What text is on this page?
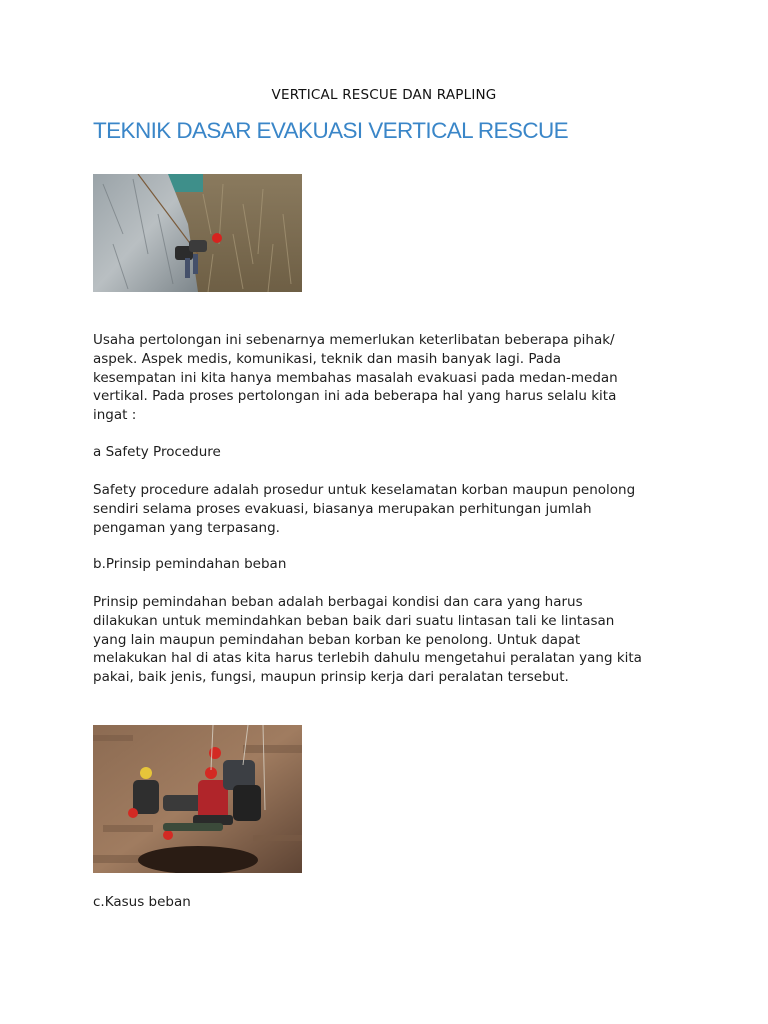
VERTICAL RESCUE DAN RAPLING
TEKNIK DASAR EVAKUASI VERTICAL RESCUE

Usaha pertolongan ini sebenarnya memerlukan keterlibatan beberapa pihak/
aspek. Aspek medis, komunikasi, teknik dan masih banyak lagi. Pada
kesempatan ini kita hanya membahas masalah evakuasi pada medan-medan
vertikal. Pada proses pertolongan ini ada beberapa hal yang harus selalu kita
ingat :

a Safety Procedure

Safety procedure adalah prosedur untuk keselamatan korban maupun penolong
sendiri selama proses evakuasi, biasanya merupakan perhitungan jumlah
pengaman yang terpasang.

b.Prinsip pemindahan beban

Prinsip pemindahan beban adalah berbagai kondisi dan cara yang harus
dilakukan untuk memindahkan beban baik dari suatu lintasan tali ke lintasan
yang lain maupun pemindahan beban korban ke penolong. Untuk dapat
melakukan hal di atas kita harus terlebih dahulu mengetahui peralatan yang kita
pakai, baik jenis, fungsi, maupun prinsip kerja dari peralatan tersebut.

c.Kasus beban
